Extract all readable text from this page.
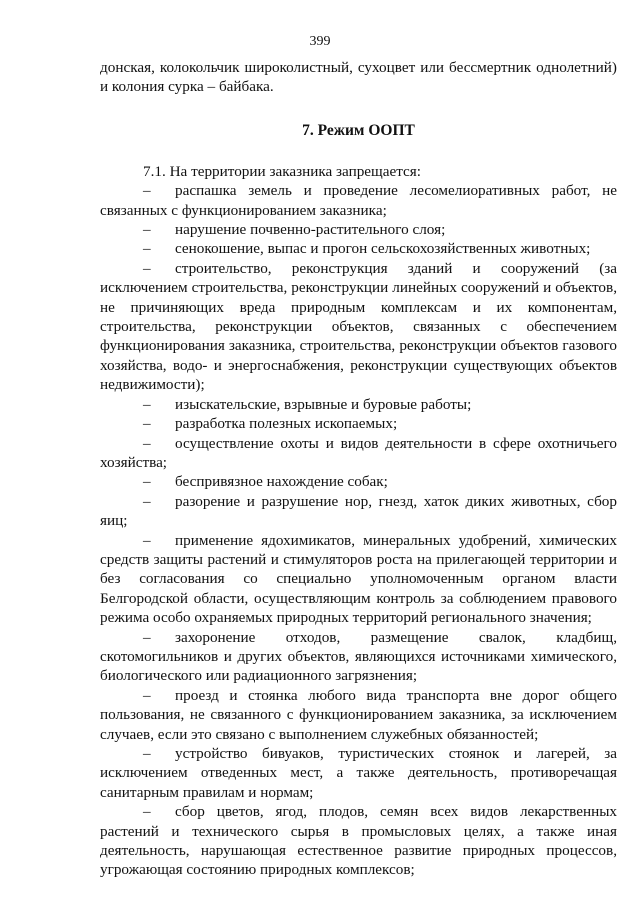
399

донская, колокольчик широколистный, сухоцвет или бессмертник однолетний) и колония сурка – байбака.

7. Режим ООПТ

7.1. На территории заказника запрещается:

– распашка земель и проведение лесомелиоративных работ, не связанных с функционированием заказника;

– нарушение почвенно-растительного слоя;

– сенокошение, выпас и прогон сельскохозяйственных животных;

– строительство, реконструкция зданий и сооружений (за исключением строительства, реконструкции линейных сооружений и объектов, не причиняющих вреда природным комплексам и их компонентам, строительства, реконструкции объектов, связанных с обеспечением функционирования заказника, строительства, реконструкции объектов газового хозяйства, водо- и энергоснабжения, реконструкции существующих объектов недвижимости);

– изыскательские, взрывные и буровые работы;

– разработка полезных ископаемых;

– осуществление охоты и видов деятельности в сфере охотничьего хозяйства;

– беспривязное нахождение собак;

– разорение и разрушение нор, гнезд, хаток диких животных, сбор яиц;

– применение ядохимикатов, минеральных удобрений, химических средств защиты растений и стимуляторов роста на прилегающей территории и без согласования со специально уполномоченным органом власти Белгородской области, осуществляющим контроль за соблюдением правового режима особо охраняемых природных территорий регионального значения;

– захоронение отходов, размещение свалок, кладбищ, скотомогильников и других объектов, являющихся источниками химического, биологического или радиационного загрязнения;

– проезд и стоянка любого вида транспорта вне дорог общего пользования, не связанного с функционированием заказника, за исключением случаев, если это связано с выполнением служебных обязанностей;

– устройство бивуаков, туристических стоянок и лагерей, за исключением отведенных мест, а также деятельность, противоречащая санитарным правилам и нормам;

– сбор цветов, ягод, плодов, семян всех видов лекарственных растений и технического сырья в промысловых целях, а также иная деятельность, нарушающая естественное развитие природных процессов, угрожающая состоянию природных комплексов;
